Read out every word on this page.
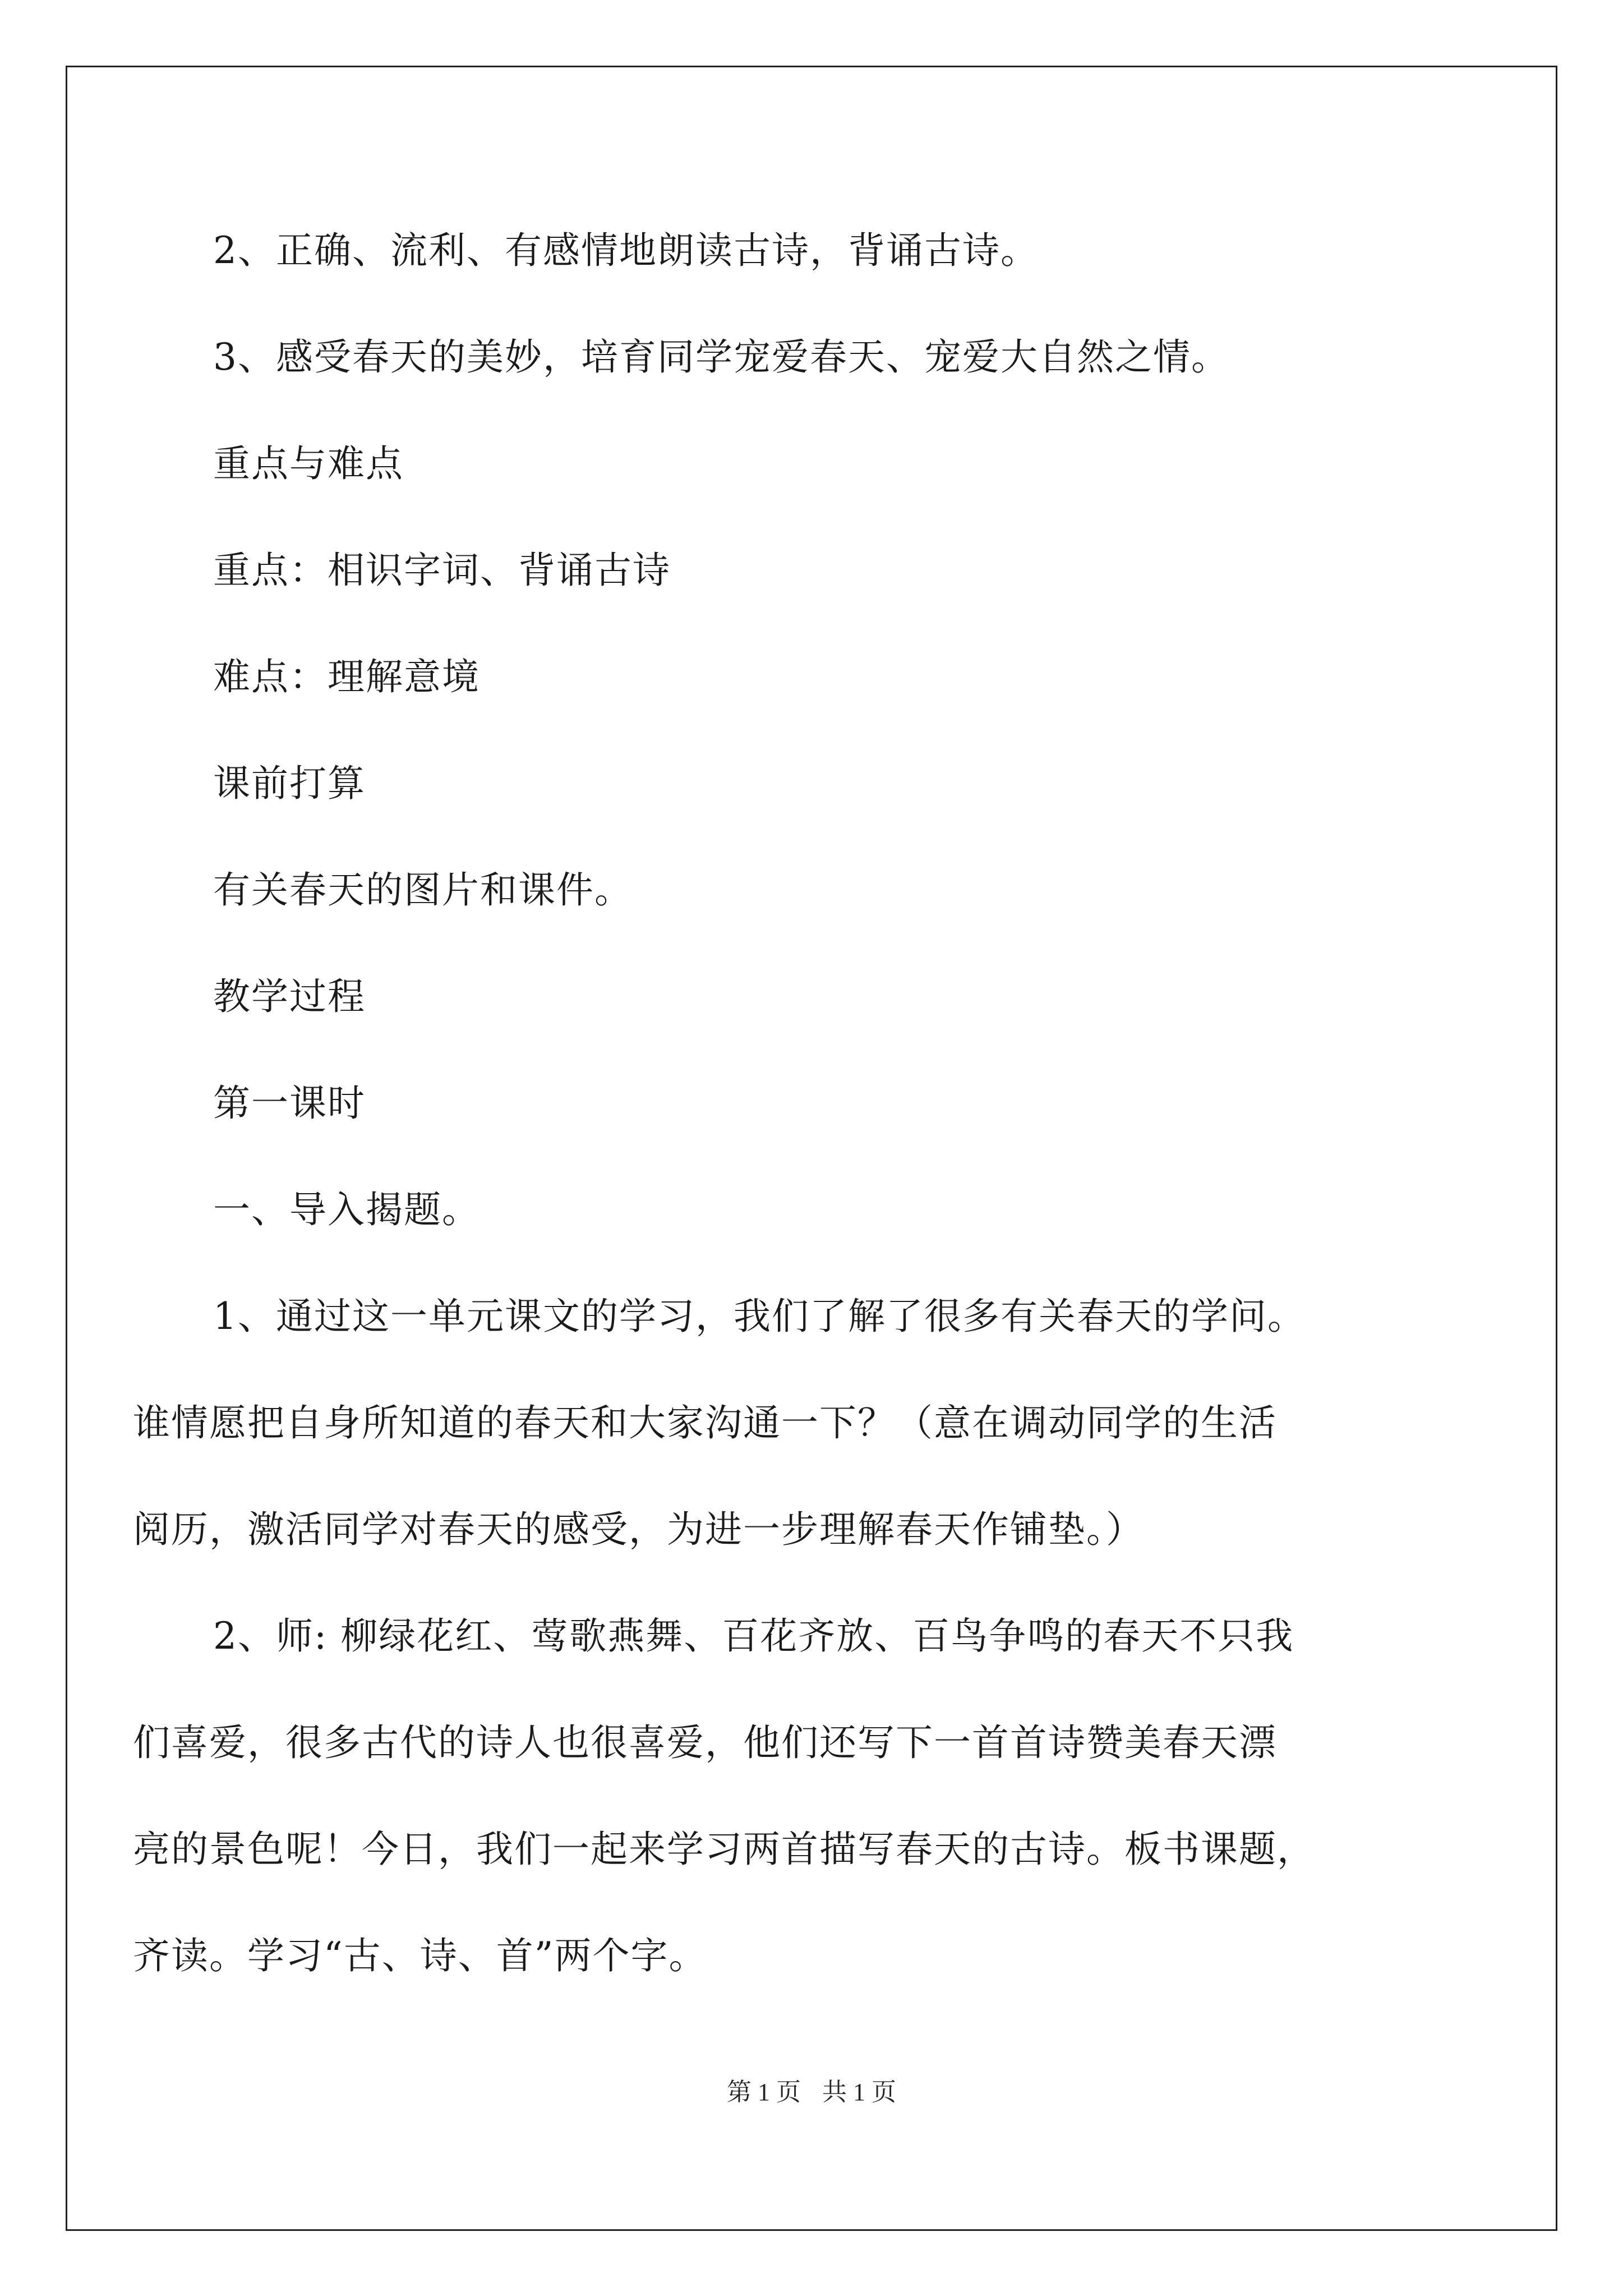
2、正确、流利、有感情地朗读古诗，背诵古诗。

3、感受春天的美妙，培育同学宠爱春天、宠爱大自然之情。

重点与难点

重点：相识字词、背诵古诗

难点：理解意境

课前打算

有关春天的图片和课件。

教学过程

第一课时

一、导入揭题。

1、通过这一单元课文的学习，我们了解了很多有关春天的学问。

谁情愿把自身所知道的春天和大家沟通一下？（意在调动同学的生活

阅历，激活同学对春天的感受，为进一步理解春天作铺垫。）

2、师: 柳绿花红、莺歌燕舞、百花齐放、百鸟争鸣的春天不只我

们喜爱，很多古代的诗人也很喜爱，他们还写下一首首诗赞美春天漂

亮的景色呢！今日，我们一起来学习两首描写春天的古诗。板书课题，

齐读。学习“古、诗、首”两个字。

第 1 页 共 1 页
